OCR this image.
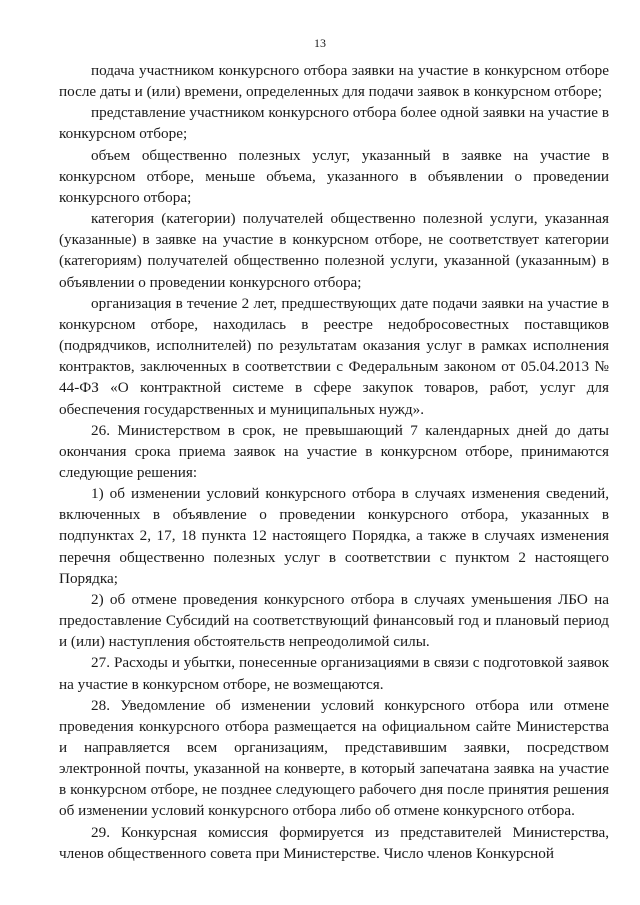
13

подача участником конкурсного отбора заявки на участие в конкурсном отборе после даты и (или) времени, определенных для подачи заявок в конкурсном отборе;

представление участником конкурсного отбора более одной заявки на участие в конкурсном отборе;

объем общественно полезных услуг, указанный в заявке на участие в конкурсном отборе, меньше объема, указанного в объявлении о проведении конкурсного отбора;

категория (категории) получателей общественно полезной услуги, указанная (указанные) в заявке на участие в конкурсном отборе, не соответствует категории (категориям) получателей общественно полезной услуги, указанной (указанным) в объявлении о проведении конкурсного отбора;

организация в течение 2 лет, предшествующих дате подачи заявки на участие в конкурсном отборе, находилась в реестре недобросовестных поставщиков (подрядчиков, исполнителей) по результатам оказания услуг в рамках исполнения контрактов, заключенных в соответствии с Федеральным законом от 05.04.2013 № 44-ФЗ «О контрактной системе в сфере закупок товаров, работ, услуг для обеспечения государственных и муниципальных нужд».

26. Министерством в срок, не превышающий 7 календарных дней до даты окончания срока приема заявок на участие в конкурсном отборе, принимаются следующие решения:

1) об изменении условий конкурсного отбора в случаях изменения сведений, включенных в объявление о проведении конкурсного отбора, указанных в подпунктах 2, 17, 18 пункта 12 настоящего Порядка, а также в случаях изменения перечня общественно полезных услуг в соответствии с пунктом 2 настоящего Порядка;

2) об отмене проведения конкурсного отбора в случаях уменьшения ЛБО на предоставление Субсидий на соответствующий финансовый год и плановый период и (или) наступления обстоятельств непреодолимой силы.

27. Расходы и убытки, понесенные организациями в связи с подготовкой заявок на участие в конкурсном отборе, не возмещаются.

28. Уведомление об изменении условий конкурсного отбора или отмене проведения конкурсного отбора размещается на официальном сайте Министерства и направляется всем организациям, представившим заявки, посредством электронной почты, указанной на конверте, в который запечатана заявка на участие в конкурсном отборе, не позднее следующего рабочего дня после принятия решения об изменении условий конкурсного отбора либо об отмене конкурсного отбора.

29. Конкурсная комиссия формируется из представителей Министерства, членов общественного совета при Министерстве. Число членов Конкурсной
